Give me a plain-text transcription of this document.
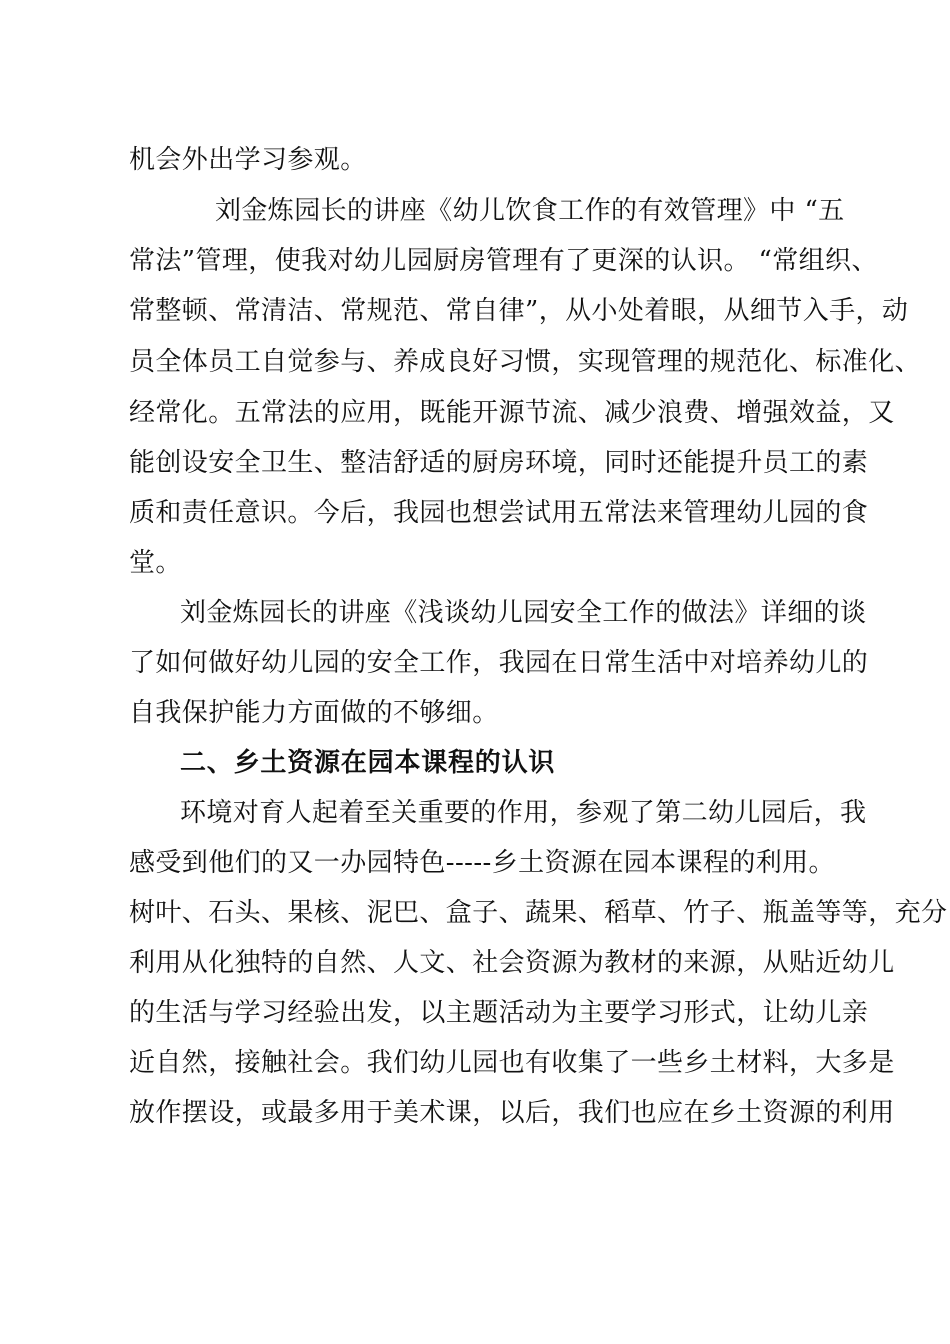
机会外出学习参观。

刘金炼园长的讲座《幼儿饮食工作的有效管理》中 “五

常法”管理，使我对幼儿园厨房管理有了更深的认识。 “常组织、

常整顿、常清洁、常规范、常自律”，从小处着眼，从细节入手，动

员全体员工自觉参与、养成良好习惯，实现管理的规范化、标准化、

经常化。五常法的应用，既能开源节流、减少浪费、增强效益，又

能创设安全卫生、整洁舒适的厨房环境，同时还能提升员工的素

质和责任意识。今后，我园也想尝试用五常法来管理幼儿园的食

堂。

刘金炼园长的讲座《浅谈幼儿园安全工作的做法》详细的谈

了如何做好幼儿园的安全工作，我园在日常生活中对培养幼儿的

自我保护能力方面做的不够细。

二、乡土资源在园本课程的认识

环境对育人起着至关重要的作用，参观了第二幼儿园后，我

感受到他们的又一办园特色-----乡土资源在园本课程的利用。

树叶、石头、果核、泥巴、盒子、蔬果、稻草、竹子、瓶盖等等，充分

利用从化独特的自然、人文、社会资源为教材的来源，从贴近幼儿

的生活与学习经验出发，以主题活动为主要学习形式，让幼儿亲

近自然，接触社会。我们幼儿园也有收集了一些乡土材料，大多是

放作摆设，或最多用于美术课，以后，我们也应在乡土资源的利用
